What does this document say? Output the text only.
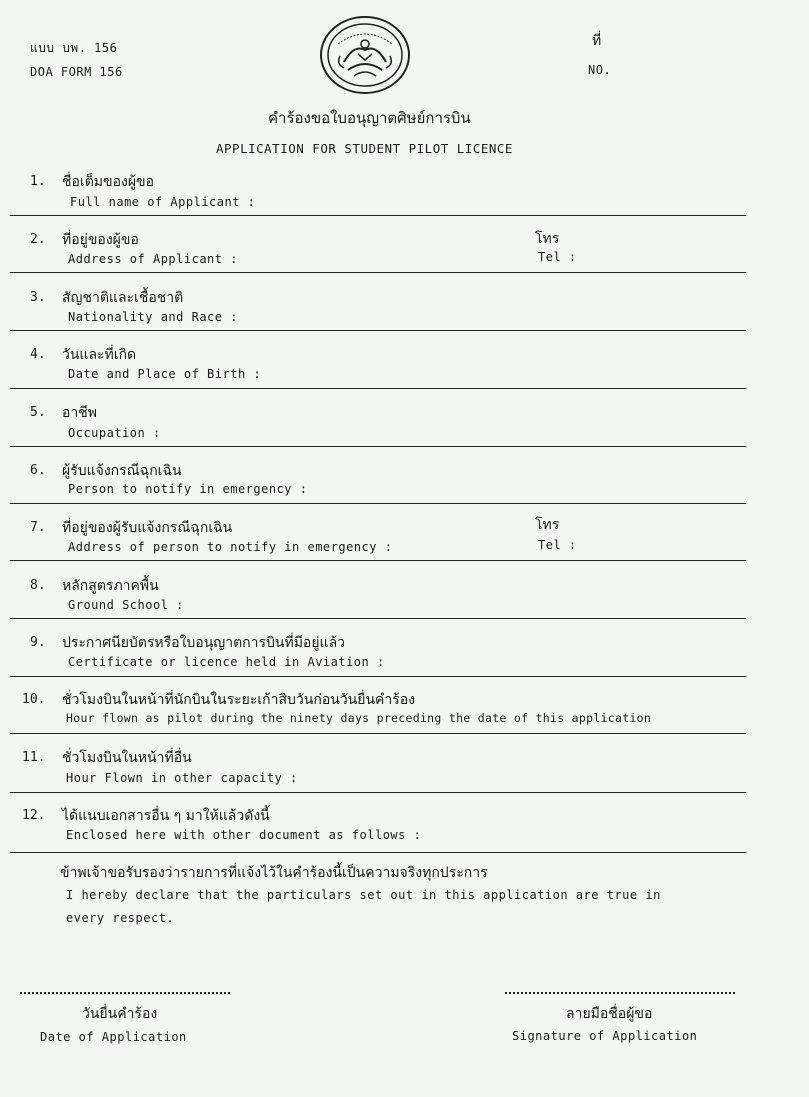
แบบ บพ. 156
DOA FORM 156
ที่
NO.
คำร้องขอใบอนุญาตศิษย์การบิน
APPLICATION FOR STUDENT PILOT LICENCE
1. ชื่อเต็มของผู้ขอ
Full name of Applicant :
2. ที่อยู่ของผู้ขอ
Address of Applicant :
โทร
Tel :
3. สัญชาติและเชื้อชาติ
Nationality and Race :
4. วันและที่เกิด
Date and Place of Birth :
5. อาชีพ
Occupation :
6. ผู้รับแจ้งกรณีฉุกเฉิน
Person to notify in emergency :
7. ที่อยู่ของผู้รับแจ้งกรณีฉุกเฉิน
Address of person to notify in emergency :
โทร
Tel :
8. หลักสูตรภาคพื้น
Ground School :
9. ประกาศนียบัตรหรือใบอนุญาตการบินที่มีอยู่แล้ว
Certificate or licence held in Aviation :
10. ชั่วโมงบินในหน้าที่นักบินในระยะเก้าสิบวันก่อนวันยื่นคำร้อง
Hour flown as pilot during the ninety days preceding the date of this application
11. ชั่วโมงบินในหน้าที่อื่น
Hour Flown in other capacity :
12. ได้แนบเอกสารอื่น ๆ มาให้แล้วดังนี้
Enclosed here with other document as follows :
ข้าพเจ้าขอรับรองว่ารายการที่แจ้งไว้ในคำร้องนี้เป็นความจริงทุกประการ
I hereby declare that the particulars set out in this application are true in
every respect.
วันยื่นคำร้อง
Date of Application
ลายมือชื่อผู้ขอ
Signature of Application
